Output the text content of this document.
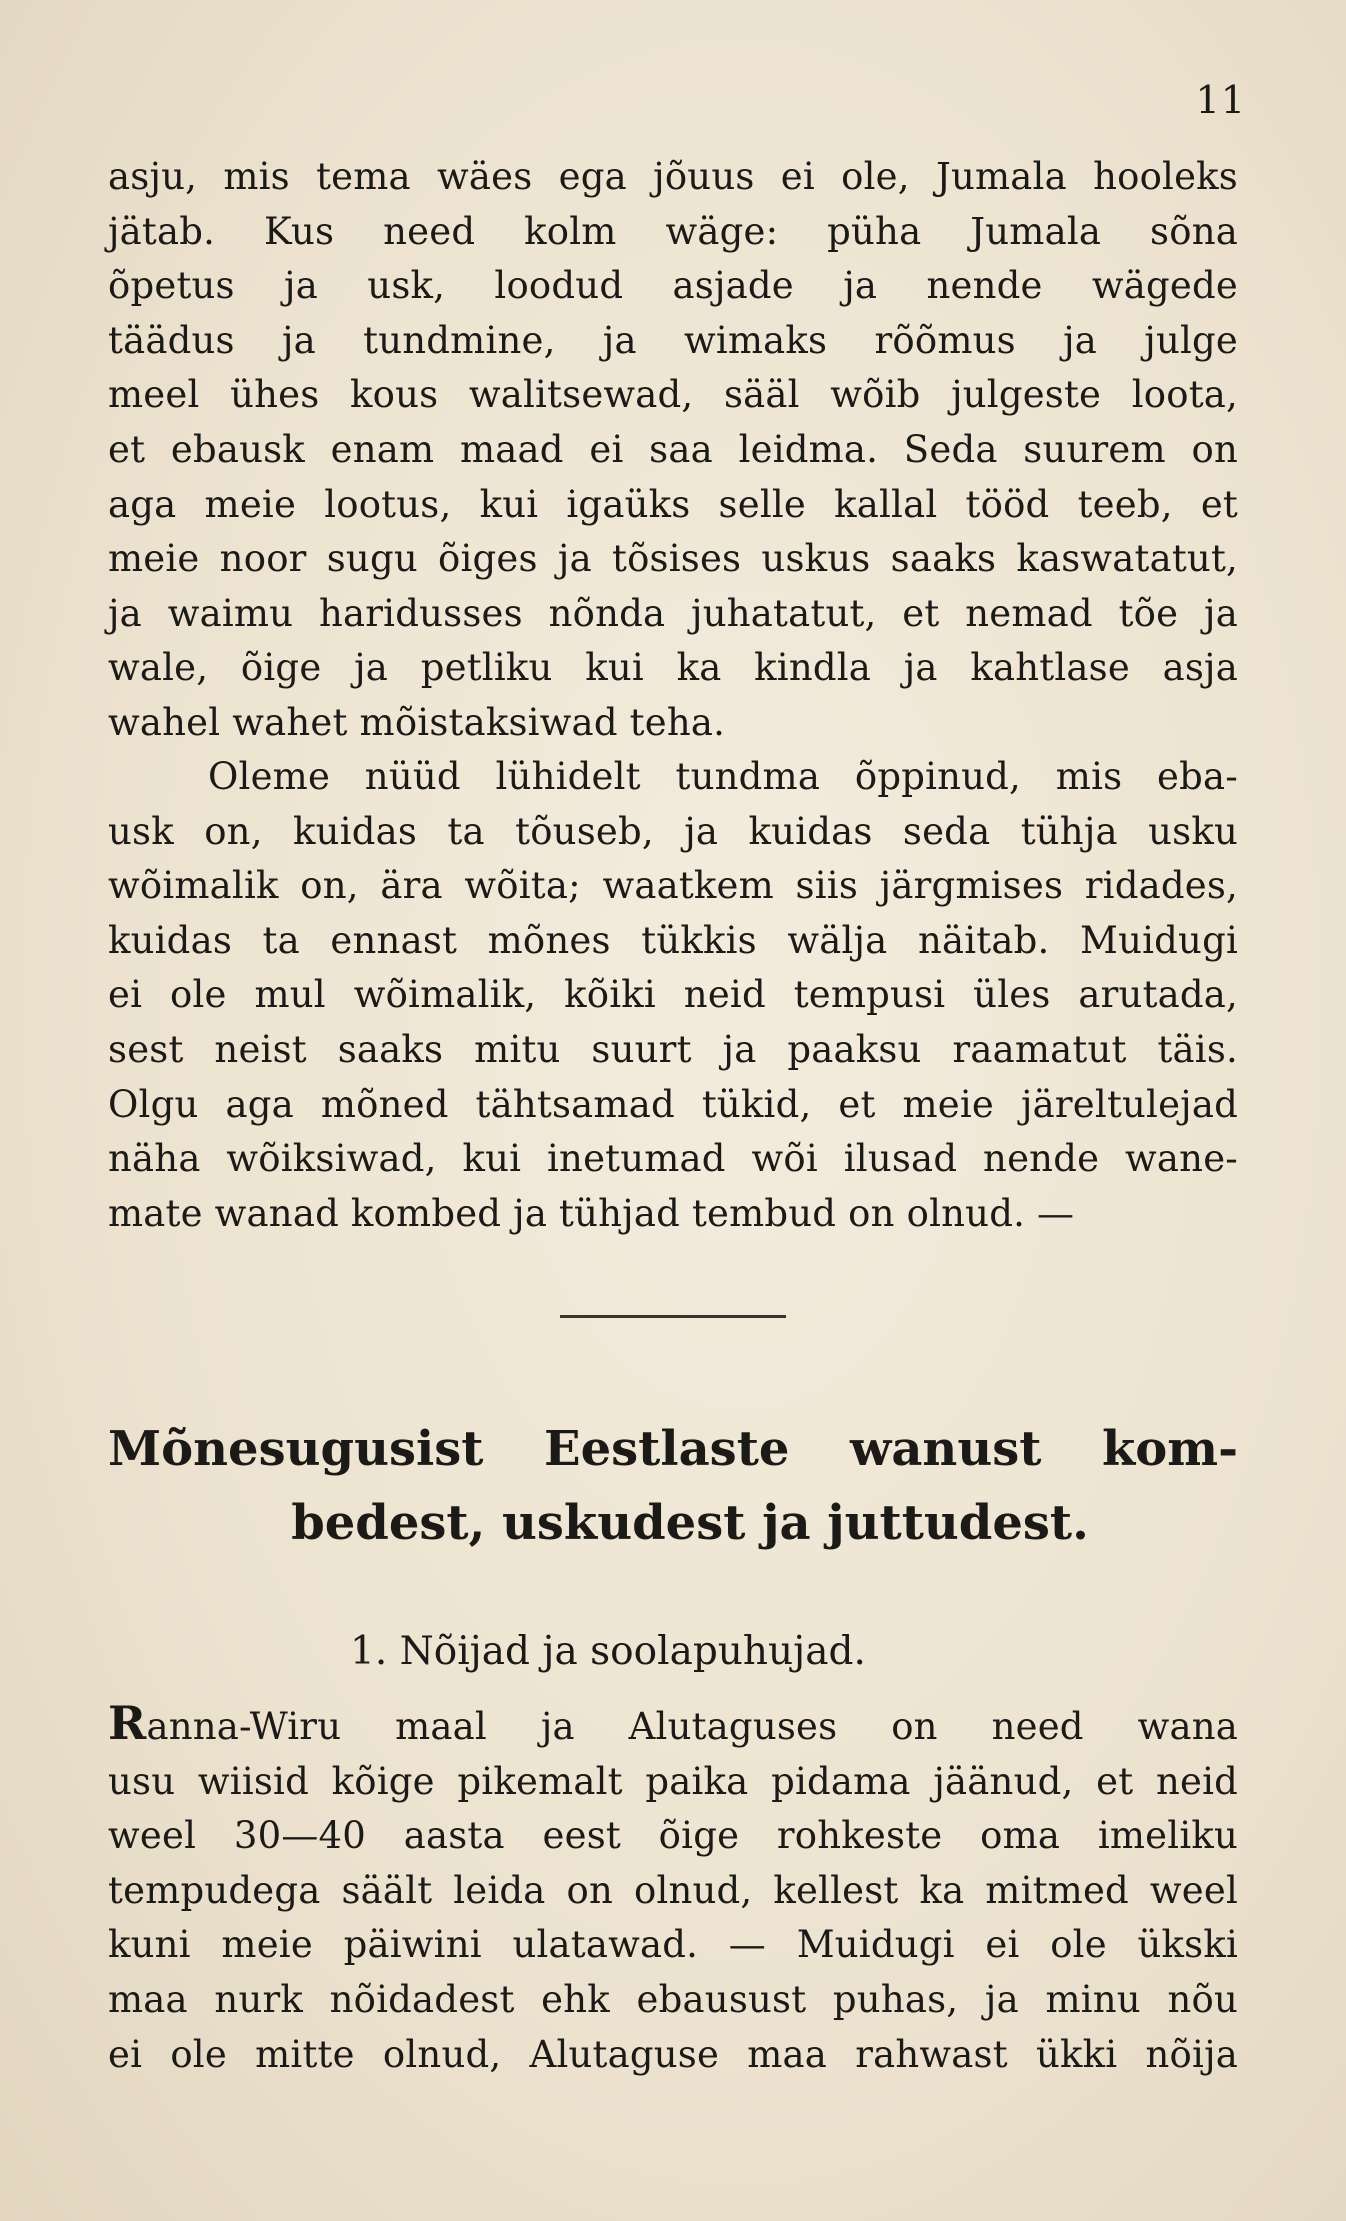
11
asju, mis tema wäes ega jõuus ei ole, Jumala hooleks
jätab. Kus need kolm wäge: püha Jumala sõna
õpetus ja usk, loodud asjade ja nende wägede
täädus ja tundmine, ja wimaks rõõmus ja julge
meel ühes kous walitsewad, sääl wõib julgeste loota,
et ebausk enam maad ei saa leidma. Seda suurem on
aga meie lootus, kui igaüks selle kallal tööd teeb, et
meie noor sugu õiges ja tõsises uskus saaks kaswatatut,
ja waimu haridusses nõnda juhatatut, et nemad tõe ja
wale, õige ja petliku kui ka kindla ja kahtlase asja
wahel wahet mõistaksiwad teha.
Oleme nüüd lühidelt tundma õppinud, mis eba-
usk on, kuidas ta tõuseb, ja kuidas seda tühja usku
wõimalik on, ära wõita; waatkem siis järgmises ridades,
kuidas ta ennast mõnes tükkis wälja näitab. Muidugi
ei ole mul wõimalik, kõiki neid tempusi üles arutada,
sest neist saaks mitu suurt ja paaksu raamatut täis.
Olgu aga mõned tähtsamad tükid, et meie järeltulejad
näha wõiksiwad, kui inetumad wõi ilusad nende wane-
mate wanad kombed ja tühjad tembud on olnud. —
Mõnesugusist Eestlaste wanust kom-
bedest, uskudest ja juttudest.
1. Nõijad ja soolapuhujad.
Ranna-Wiru maal ja Alutaguses on need wana
usu wiisid kõige pikemalt paika pidama jäänud, et neid
weel 30—40 aasta eest õige rohkeste oma imeliku
tempudega säält leida on olnud, kellest ka mitmed weel
kuni meie päiwini ulatawad. — Muidugi ei ole ükski
maa nurk nõidadest ehk ebausust puhas, ja minu nõu
ei ole mitte olnud, Alutaguse maa rahwast ükki nõija
